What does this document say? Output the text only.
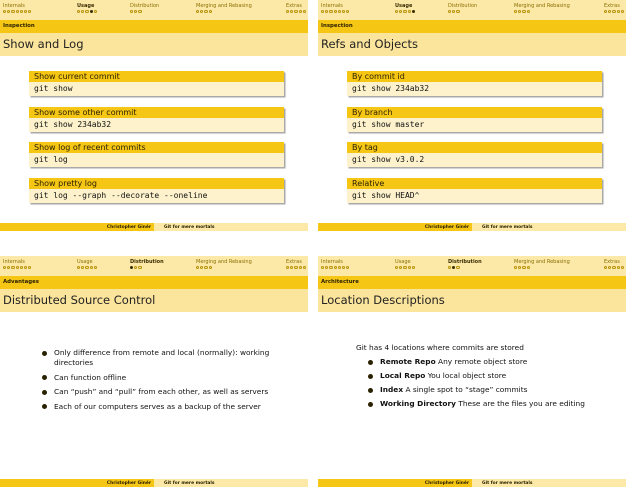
Internals	Usage	Distribution	Merging and Rebasing	Extras
Inspection
Show and Log
Show current commit
git show
Show some other commit
git show 234ab32
Show log of recent commits
git log
Show pretty log
git log --graph --decorate --oneline
Christopher Ginér	Git for mere mortals
Internals	Usage	Distribution	Merging and Rebasing	Extras
Inspection
Refs and Objects
By commit id
git show 234ab32
By branch
git show master
By tag
git show v3.0.2
Relative
git show HEAD^
Christopher Ginér	Git for mere mortals
Internals	Usage	Distribution	Merging and Rebasing	Extras
Advantages
Distributed Source Control
Only difference from remote and local (normally): working directories
Can function offline
Can “push” and “pull” from each other, as well as servers
Each of our computers serves as a backup of the server
Christopher Ginér	Git for mere mortals
Internals	Usage	Distribution	Merging and Rebasing	Extras
Architecture
Location Descriptions
Git has 4 locations where commits are stored
Remote Repo Any remote object store
Local Repo You local object store
Index A single spot to “stage” commits
Working Directory These are the files you are editing
Christopher Ginér	Git for mere mortals
